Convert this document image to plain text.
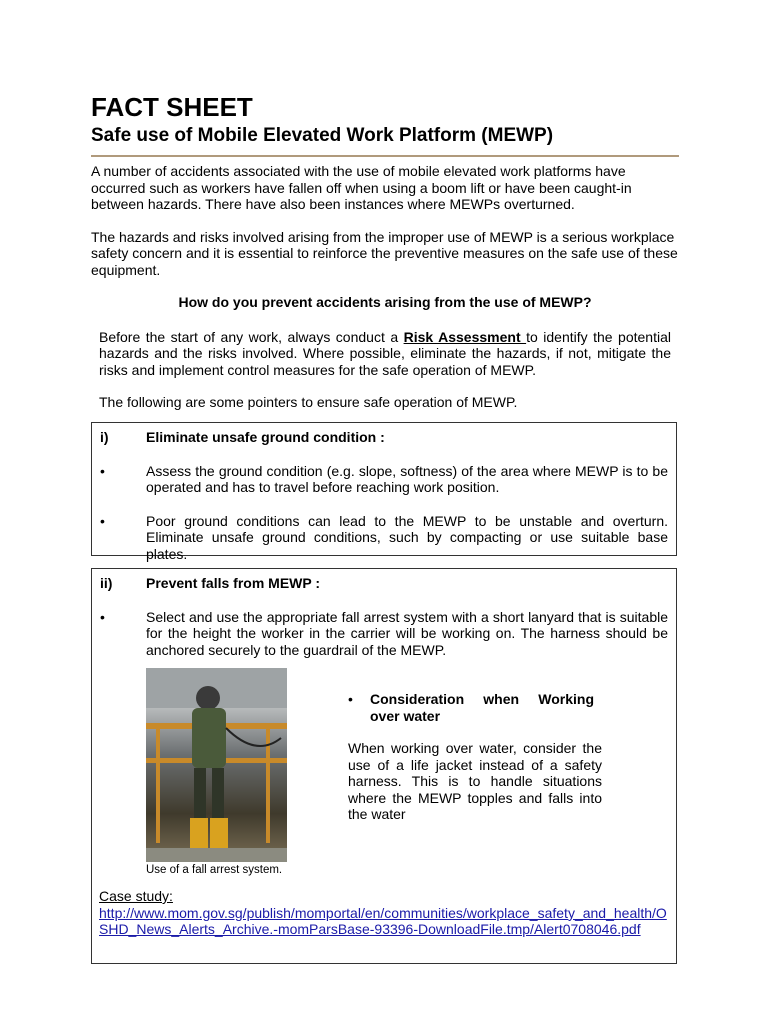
FACT SHEET
Safe use of Mobile Elevated Work Platform (MEWP)

A number of accidents associated with the use of mobile elevated work platforms have occurred such as workers have fallen off when using a boom lift or have been caught-in between hazards. There have also been instances where MEWPs overturned.

The hazards and risks involved arising from the improper use of MEWP is a serious workplace safety concern and it is essential to reinforce the preventive measures on the safe use of these equipment.

How do you prevent accidents arising from the use of MEWP?

Before the start of any work, always conduct a Risk Assessment to identify the potential hazards and the risks involved. Where possible, eliminate the hazards, if not, mitigate the risks and implement control measures for the safe operation of MEWP.

The following are some pointers to ensure safe operation of MEWP.

i)	Eliminate unsafe ground condition :
•	Assess the ground condition (e.g. slope, softness) of the area where MEWP is to be operated and has to travel before reaching work position.
•	Poor ground conditions can lead to the MEWP to be unstable and overturn. Eliminate unsafe ground conditions, such by compacting or use suitable base plates.
ii)	Prevent falls from MEWP :
•	Select and use the appropriate fall arrest system with a short lanyard that is suitable for the height the worker in the carrier will be working on. The harness should be anchored securely to the guardrail of the MEWP.
Use of a fall arrest system.
•	Consideration when Working over water

When working over water, consider the use of a life jacket instead of a safety harness. This is to handle situations where the MEWP topples and falls into the water

Case study:

http://www.mom.gov.sg/publish/momportal/en/communities/workplace_safety_and_health/OSHD_News_Alerts_Archive.-momParsBase-93396-DownloadFile.tmp/Alert0708046.pdf
